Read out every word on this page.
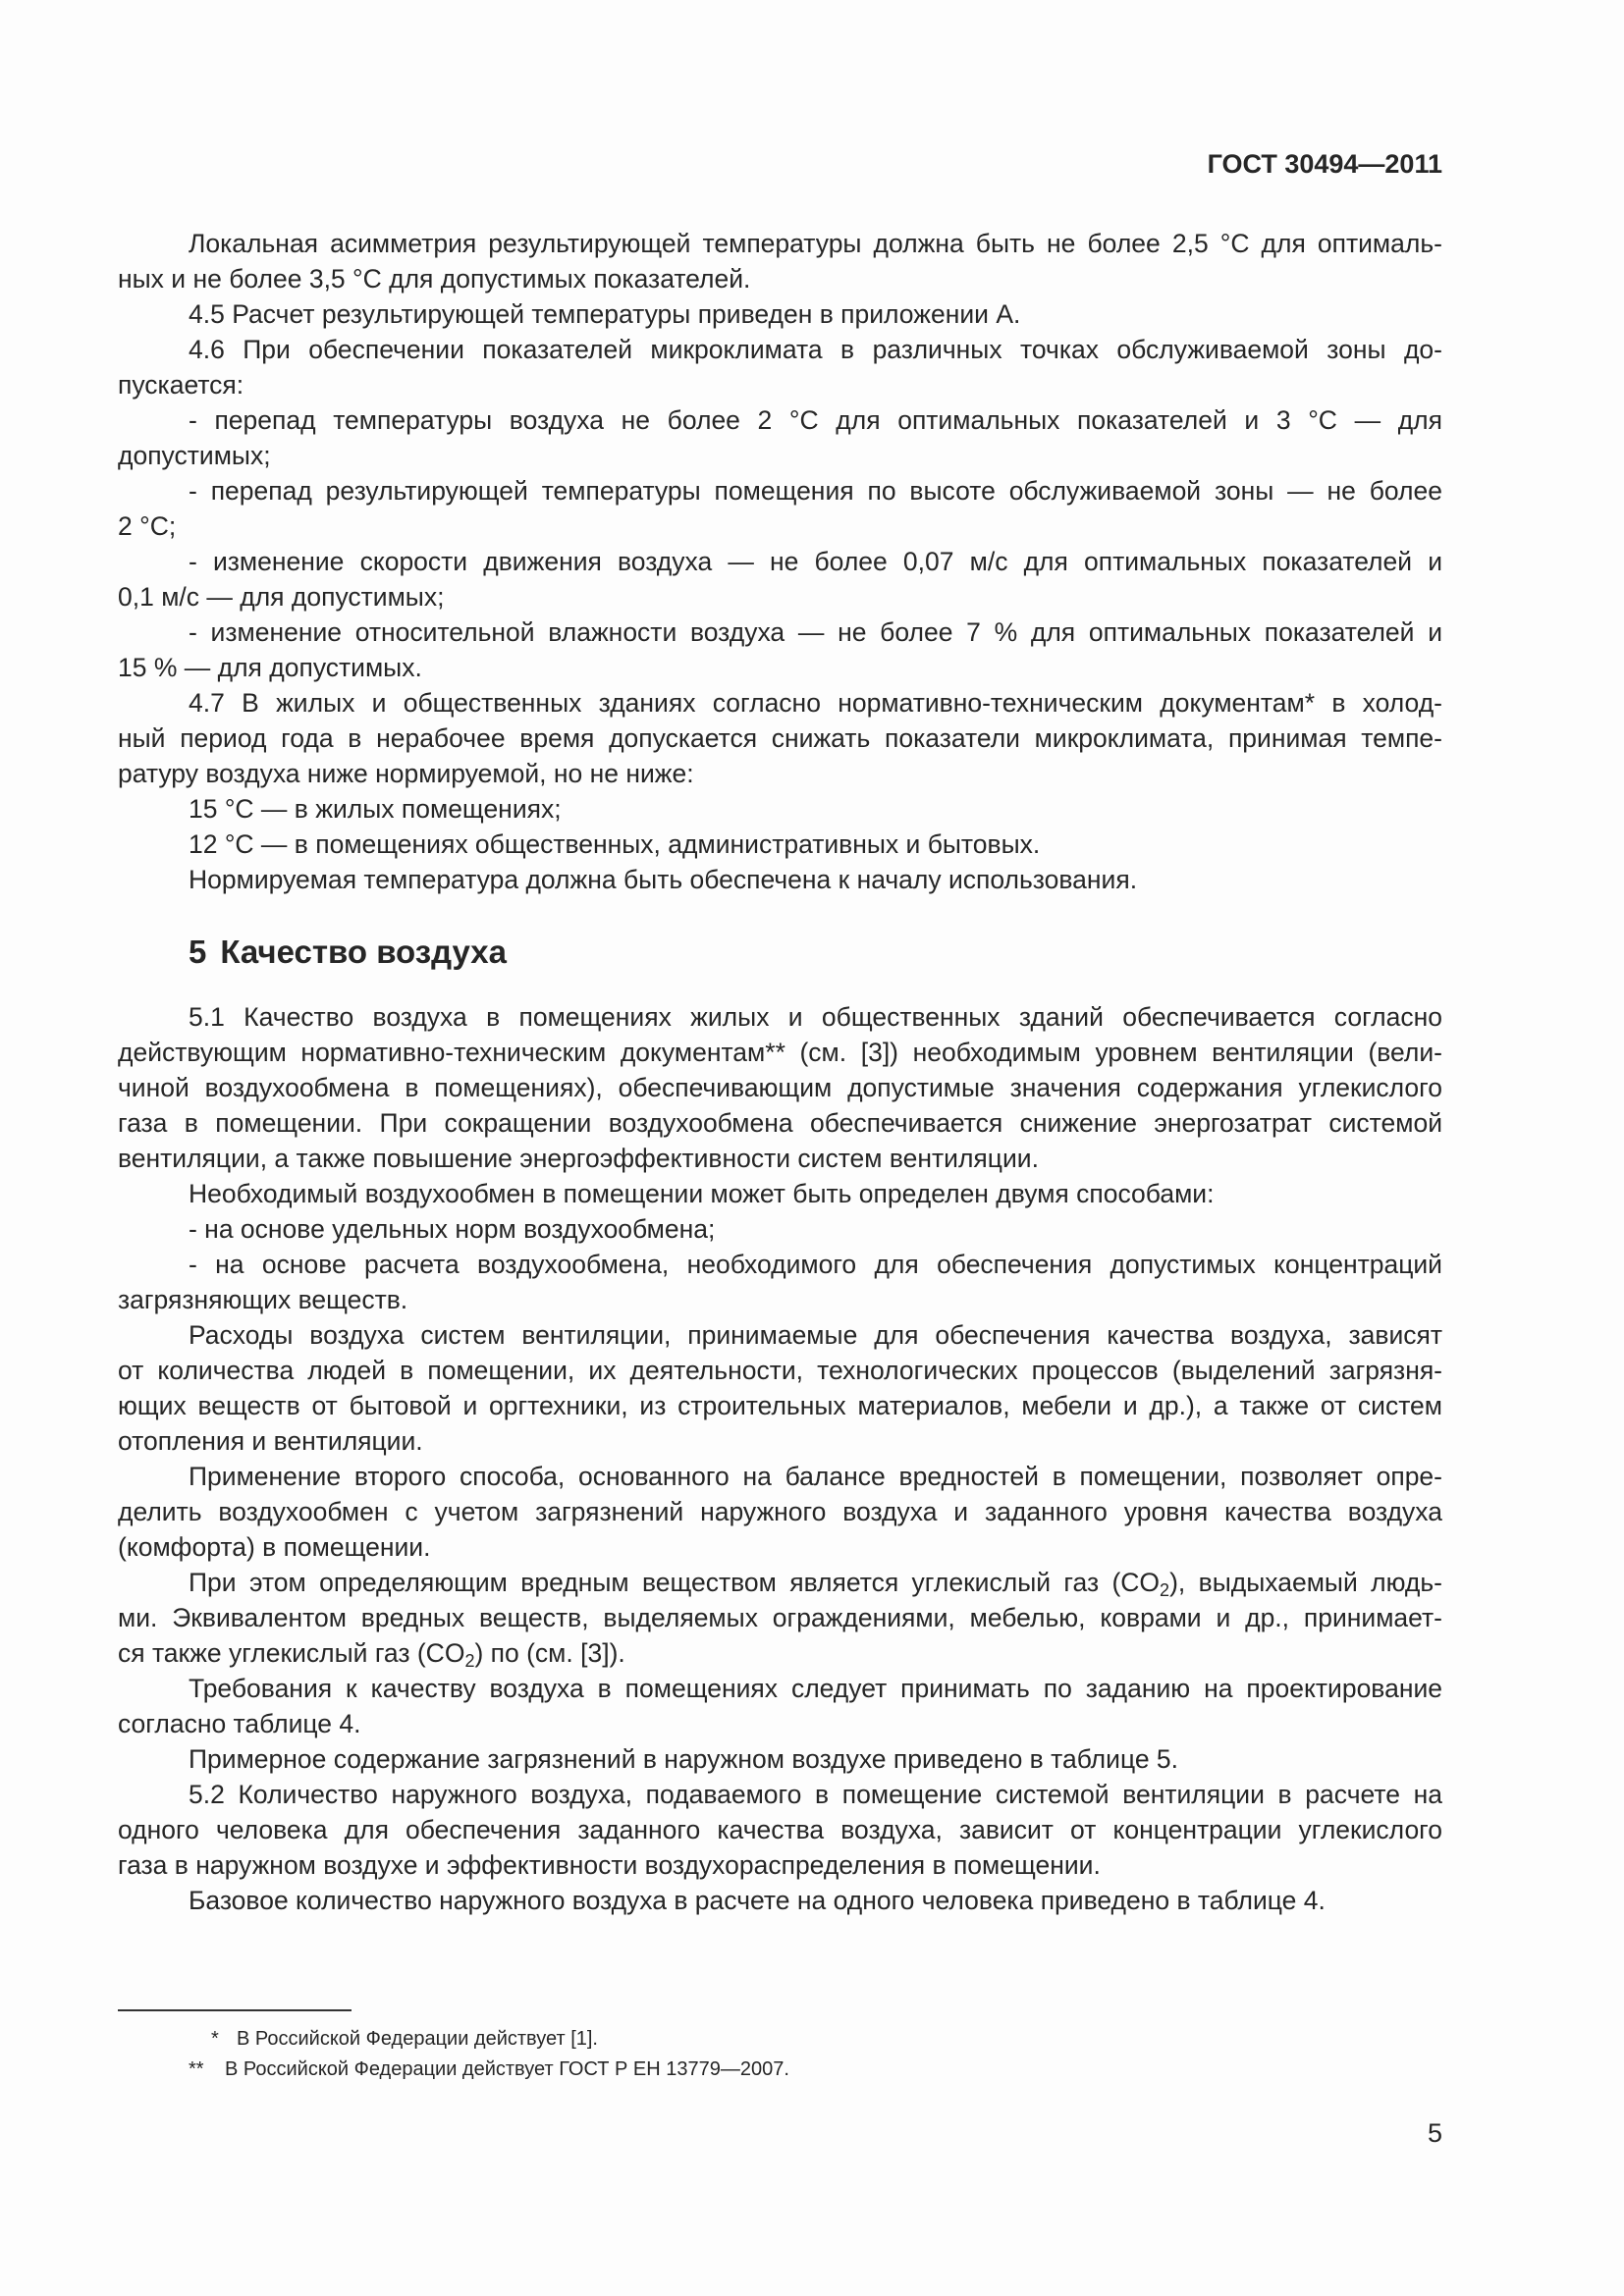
ГОСТ 30494—2011
Локальная асимметрия результирующей температуры должна быть не более 2,5 °C для оптималь-
ных и не более 3,5 °C для допустимых показателей.
4.5 Расчет результирующей температуры приведен в приложении А.
4.6 При обеспечении показателей микроклимата в различных точках обслуживаемой зоны до-
пускается:
- перепад температуры воздуха не более 2 °C для оптимальных показателей и 3 °C — для
допустимых;
- перепад результирующей температуры помещения по высоте обслуживаемой зоны — не более
2 °C;
- изменение скорости движения воздуха — не более 0,07 м/с для оптимальных показателей и
0,1 м/с — для допустимых;
- изменение относительной влажности воздуха — не более 7 % для оптимальных показателей и
15 % — для допустимых.
4.7 В жилых и общественных зданиях согласно нормативно-техническим документам* в холод-
ный период года в нерабочее время допускается снижать показатели микроклимата, принимая темпе-
ратуру воздуха ниже нормируемой, но не ниже:
15 °C — в жилых помещениях;
12 °C — в помещениях общественных, административных и бытовых.
Нормируемая температура должна быть обеспечена к началу использования.
5 Качество воздуха
5.1 Качество воздуха в помещениях жилых и общественных зданий обеспечивается согласно
действующим нормативно-техническим документам** (см. [3]) необходимым уровнем вентиляции (вели-
чиной воздухообмена в помещениях), обеспечивающим допустимые значения содержания углекислого
газа в помещении. При сокращении воздухообмена обеспечивается снижение энергозатрат системой
вентиляции, а также повышение энергоэффективности систем вентиляции.
Необходимый воздухообмен в помещении может быть определен двумя способами:
- на основе удельных норм воздухообмена;
- на основе расчета воздухообмена, необходимого для обеспечения допустимых концентраций
загрязняющих веществ.
Расходы воздуха систем вентиляции, принимаемые для обеспечения качества воздуха, зависят
от количества людей в помещении, их деятельности, технологических процессов (выделений загрязня-
ющих веществ от бытовой и оргтехники, из строительных материалов, мебели и др.), а также от систем
отопления и вентиляции.
Применение второго способа, основанного на балансе вредностей в помещении, позволяет опре-
делить воздухообмен с учетом загрязнений наружного воздуха и заданного уровня качества воздуха
(комфорта) в помещении.
При этом определяющим вредным веществом является углекислый газ $(CO_2)$, выдыхаемый людь-
ми. Эквивалентом вредных веществ, выделяемых ограждениями, мебелью, коврами и др., принимает-
ся также углекислый газ $(CO_2)$ по (см. [3]).
Требования к качеству воздуха в помещениях следует принимать по заданию на проектирование
согласно таблице 4.
Примерное содержание загрязнений в наружном воздухе приведено в таблице 5.
5.2 Количество наружного воздуха, подаваемого в помещение системой вентиляции в расчете на
одного человека для обеспечения заданного качества воздуха, зависит от концентрации углекислого
газа в наружном воздухе и эффективности воздухораспределения в помещении.
Базовое количество наружного воздуха в расчете на одного человека приведено в таблице 4.
* В Российской Федерации действует [1].
** В Российской Федерации действует ГОСТ Р ЕН 13779—2007.
5
